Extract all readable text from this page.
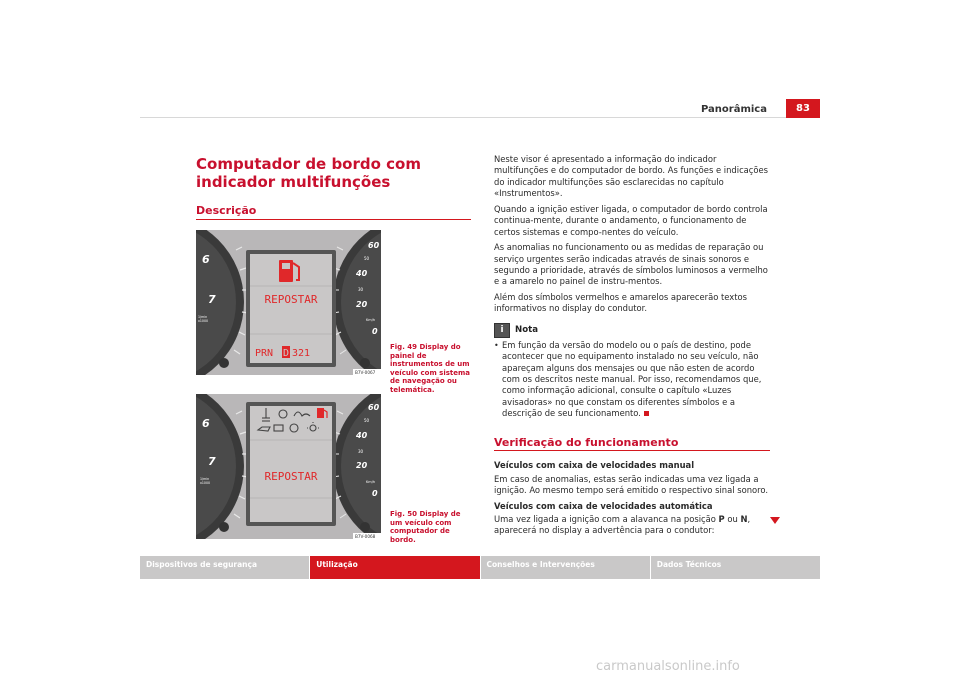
Panorâmica	83
Computador de bordo com indicador multifunções
Descrição
6
7
1/min
x1000
60
40
20
0
50
30
Km/h
REPOSTAR
PRN D 321
B7V-0067
Fig. 49 Display do painel de instrumentos de um veículo com sistema de navegação ou telemática.
6
7
1/min
x1000
60
40
20
0
50
30
Km/h
REPOSTAR
B7V-0068
Fig. 50 Display de um veículo com computador de bordo.

Neste visor é apresentado a informação do indicador multifunções e do computador de bordo. As funções e indicações do indicador multifunções são esclarecidas no capítulo «Instrumentos».

Quando a ignição estiver ligada, o computador de bordo controla continua-mente, durante o andamento, o funcionamento de certos sistemas e compo-nentes do veículo.

As anomalias no funcionamento ou as medidas de reparação ou serviço urgentes serão indicadas através de sinais sonoros e segundo a prioridade, através de símbolos luminosos a vermelho e a amarelo no painel de instru-mentos.

Além dos símbolos vermelhos e amarelos aparecerão textos informativos no display do condutor.

i	Nota
• Em função da versão do modelo ou o país de destino, pode acontecer que no equipamento instalado no seu veículo, não apareçam alguns dos mensajes ou que não esten de acordo com os descritos neste manual. Por isso, recomendamos que, como informação adicional, consulte o capítulo «Luzes avisadoras» no que constam os diferentes símbolos e a descrição de seu funcionamento.
Verificação do funcionamento

Veículos com caixa de velocidades manual

Em caso de anomalias, estas serão indicadas uma vez ligada a ignição. Ao mesmo tempo será emitido o respectivo sinal sonoro.

Veículos com caixa de velocidades automática

Uma vez ligada a ignição com a alavanca na posição P ou N, aparecerá no display a advertência para o condutor:

Dispositivos de segurança	Utilização	Conselhos e Intervenções	Dados Técnicos
carmanualsonline.info
